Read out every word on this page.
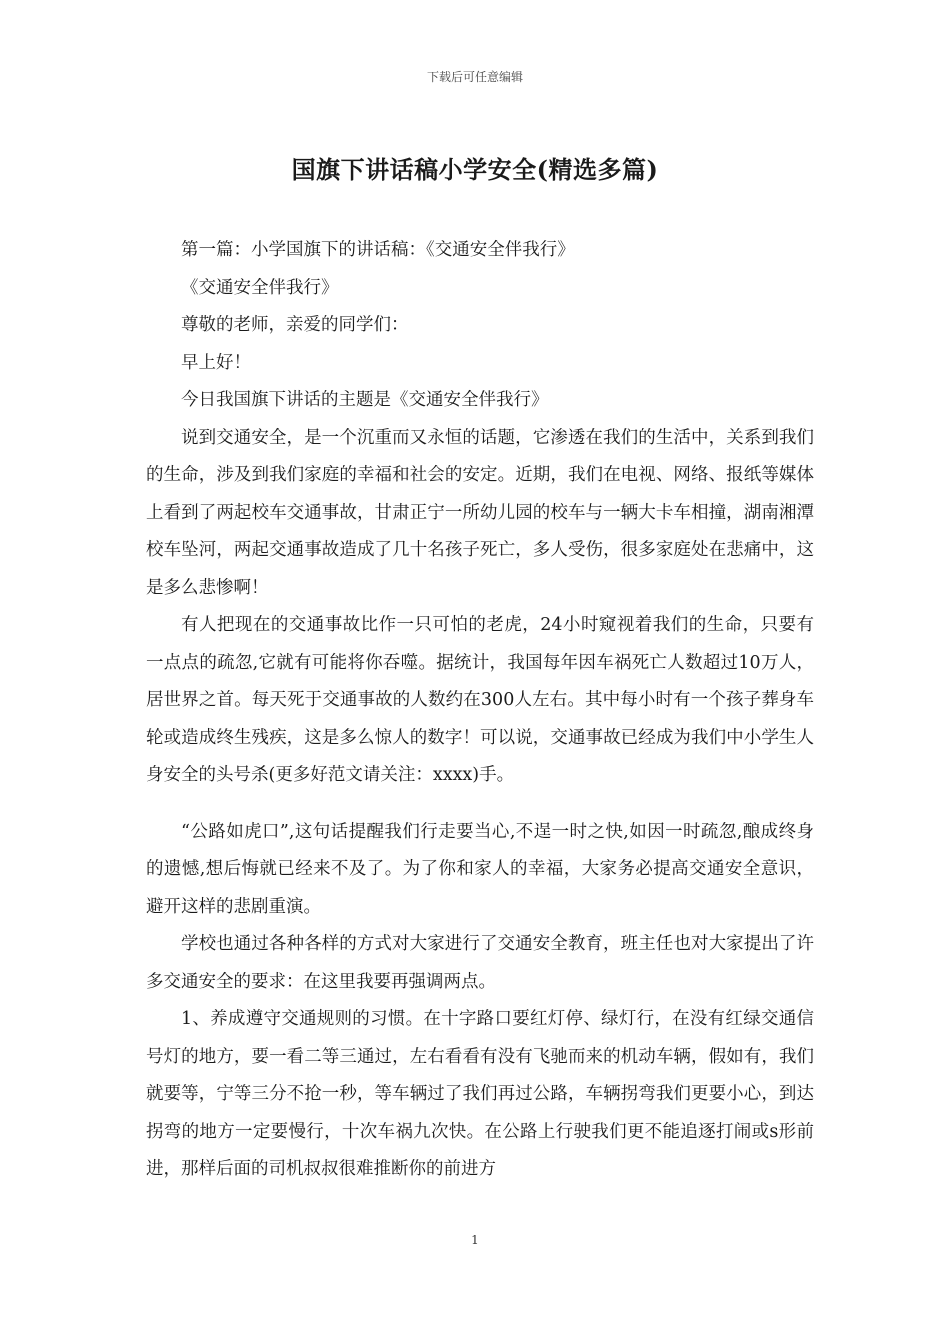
下载后可任意编辑
国旗下讲话稿小学安全(精选多篇)

第一篇：小学国旗下的讲话稿：《交通安全伴我行》

《交通安全伴我行》

尊敬的老师，亲爱的同学们：

早上好！

今日我国旗下讲话的主题是《交通安全伴我行》

说到交通安全，是一个沉重而又永恒的话题，它渗透在我们的生活中，关系到我们的生命，涉及到我们家庭的幸福和社会的安定。近期，我们在电视、网络、报纸等媒体上看到了两起校车交通事故，甘肃正宁一所幼儿园的校车与一辆大卡车相撞，湖南湘潭校车坠河，两起交通事故造成了几十名孩子死亡，多人受伤，很多家庭处在悲痛中，这是多么悲惨啊！

有人把现在的交通事故比作一只可怕的老虎，24小时窥视着我们的生命，只要有一点点的疏忽,它就有可能将你吞噬。据统计，我国每年因车祸死亡人数超过10万人，居世界之首。每天死于交通事故的人数约在300人左右。其中每小时有一个孩子葬身车轮或造成终生残疾，这是多么惊人的数字！可以说，交通事故已经成为我们中小学生人身安全的头号杀(更多好范文请关注：xxxx)手。

“公路如虎口”,这句话提醒我们行走要当心,不逞一时之快,如因一时疏忽,酿成终身的遗憾,想后悔就已经来不及了。为了你和家人的幸福，大家务必提高交通安全意识，避开这样的悲剧重演。

学校也通过各种各样的方式对大家进行了交通安全教育，班主任也对大家提出了许多交通安全的要求：在这里我要再强调两点。

1、养成遵守交通规则的习惯。在十字路口要红灯停、绿灯行，在没有红绿交通信号灯的地方，要一看二等三通过，左右看看有没有飞驰而来的机动车辆，假如有，我们就要等，宁等三分不抢一秒，等车辆过了我们再过公路，车辆拐弯我们更要小心，到达拐弯的地方一定要慢行，十次车祸九次快。在公路上行驶我们更不能追逐打闹或s形前进，那样后面的司机叔叔很难推断你的前进方

1
